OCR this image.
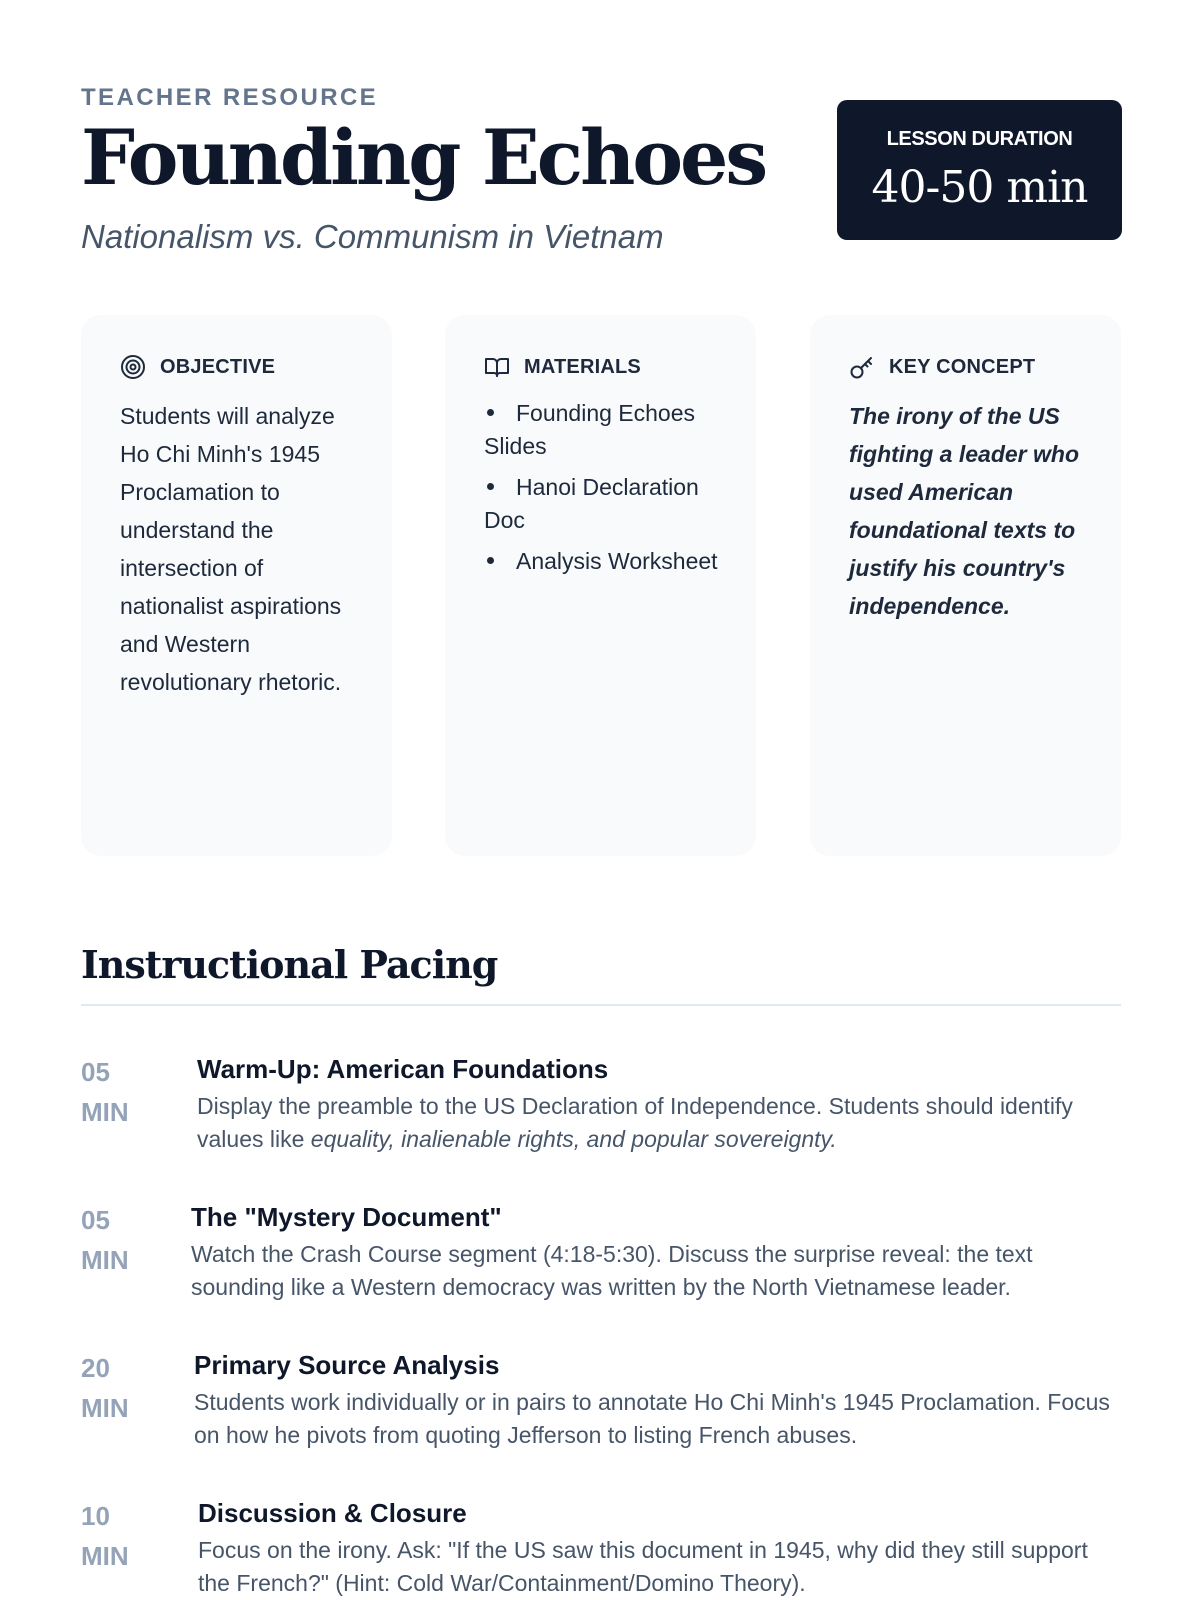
TEACHER RESOURCE
Founding Echoes
Nationalism vs. Communism in Vietnam
LESSON DURATION
40-50 min
OBJECTIVE

Students will analyze Ho Chi Minh's 1945 Proclamation to understand the intersection of nationalist aspirations and Western revolutionary rhetoric.

MATERIALS
Founding Echoes Slides
Hanoi Declaration Doc
Analysis Worksheet
KEY CONCEPT

The irony of the US fighting a leader who used American foundational texts to justify his country's independence.

Instructional Pacing
05
MIN
Warm-Up: American Foundations

Display the preamble to the US Declaration of Independence. Students should identify values like equality, inalienable rights, and popular sovereignty.

05
MIN
The "Mystery Document"

Watch the Crash Course segment (4:18-5:30). Discuss the surprise reveal: the text sounding like a Western democracy was written by the North Vietnamese leader.

20
MIN
Primary Source Analysis

Students work individually or in pairs to annotate Ho Chi Minh's 1945 Proclamation. Focus on how he pivots from quoting Jefferson to listing French abuses.

10
MIN
Discussion & Closure

Focus on the irony. Ask: "If the US saw this document in 1945, why did they still support the French?" (Hint: Cold War/Containment/Domino Theory).
